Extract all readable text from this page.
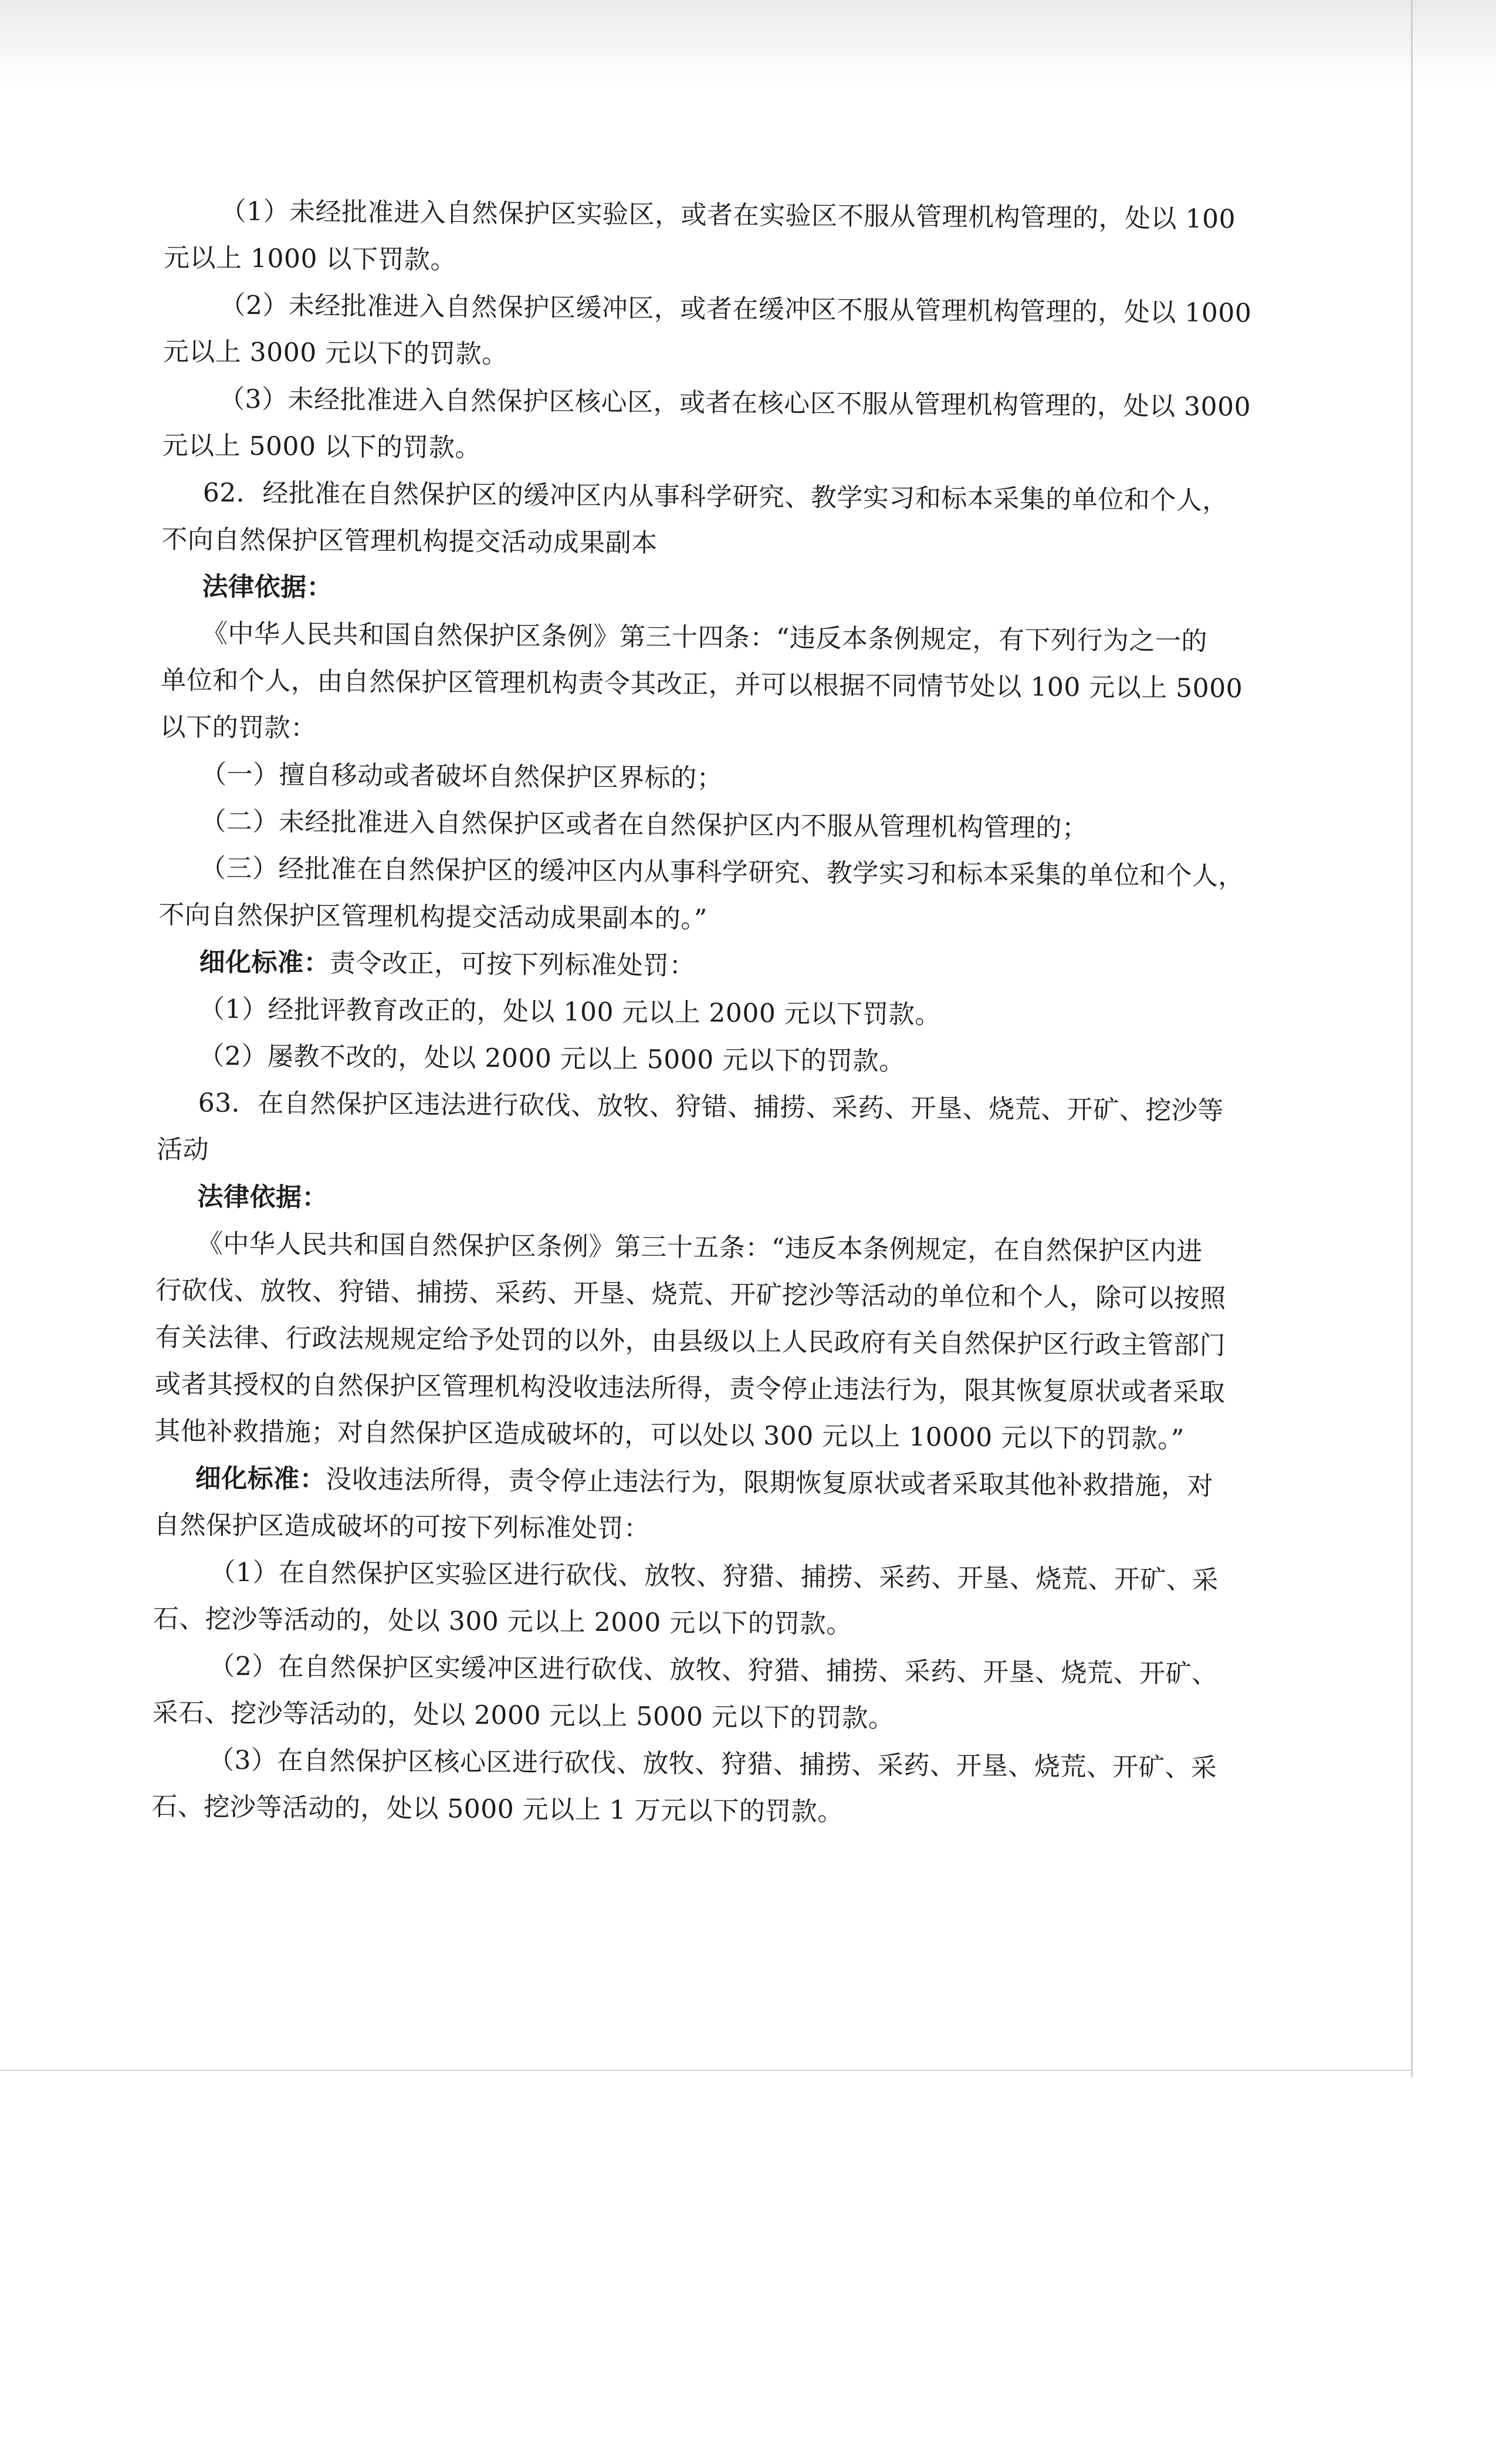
（1）未经批准进入自然保护区实验区，或者在实验区不服从管理机构管理的，处以 100
元以上 1000 以下罚款。
（2）未经批准进入自然保护区缓冲区，或者在缓冲区不服从管理机构管理的，处以 1000
元以上 3000 元以下的罚款。
（3）未经批准进入自然保护区核心区，或者在核心区不服从管理机构管理的，处以 3000
元以上 5000 以下的罚款。
62．经批准在自然保护区的缓冲区内从事科学研究、教学实习和标本采集的单位和个人，
不向自然保护区管理机构提交活动成果副本
法律依据：
《中华人民共和国自然保护区条例》第三十四条：“违反本条例规定，有下列行为之一的
单位和个人，由自然保护区管理机构责令其改正，并可以根据不同情节处以 100 元以上 5000
以下的罚款：
（一）擅自移动或者破坏自然保护区界标的；
（二）未经批准进入自然保护区或者在自然保护区内不服从管理机构管理的；
（三）经批准在自然保护区的缓冲区内从事科学研究、教学实习和标本采集的单位和个人，
不向自然保护区管理机构提交活动成果副本的。”
细化标准：责令改正，可按下列标准处罚：
（1）经批评教育改正的，处以 100 元以上 2000 元以下罚款。
（2）屡教不改的，处以 2000 元以上 5000 元以下的罚款。
63．在自然保护区违法进行砍伐、放牧、狩错、捕捞、采药、开垦、烧荒、开矿、挖沙等
活动
法律依据：
《中华人民共和国自然保护区条例》第三十五条：“违反本条例规定，在自然保护区内进
行砍伐、放牧、狩错、捕捞、采药、开垦、烧荒、开矿挖沙等活动的单位和个人，除可以按照
有关法律、行政法规规定给予处罚的以外，由县级以上人民政府有关自然保护区行政主管部门
或者其授权的自然保护区管理机构没收违法所得，责令停止违法行为，限其恢复原状或者采取
其他补救措施；对自然保护区造成破坏的，可以处以 300 元以上 10000 元以下的罚款。”
细化标准：没收违法所得，责令停止违法行为，限期恢复原状或者采取其他补救措施，对
自然保护区造成破坏的可按下列标准处罚：
（1）在自然保护区实验区进行砍伐、放牧、狩猎、捕捞、采药、开垦、烧荒、开矿、采
石、挖沙等活动的，处以 300 元以上 2000 元以下的罚款。
（2）在自然保护区实缓冲区进行砍伐、放牧、狩猎、捕捞、采药、开垦、烧荒、开矿、
采石、挖沙等活动的，处以 2000 元以上 5000 元以下的罚款。
（3）在自然保护区核心区进行砍伐、放牧、狩猎、捕捞、采药、开垦、烧荒、开矿、采
石、挖沙等活动的，处以 5000 元以上 1 万元以下的罚款。
